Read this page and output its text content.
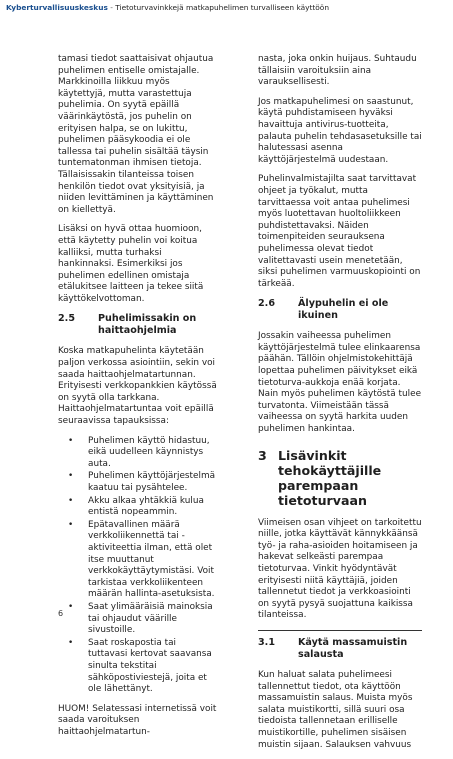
Kyberturvallisuuskeskus - Tietoturvavinkkejä matkapuhelimen turvalliseen käyttöön

tamasi tiedot saattaisivat ohjautua puhelimen entiselle omistajalle. Markkinoilla liikkuu myös käytettyjä, mutta varastettuja puhelimia. On syytä epäillä väärinkäytöstä, jos puhelin on erityisen halpa, se on lukittu, puhelimen pääsykoodia ei ole tallessa tai puhelin sisältää täysin tuntematonman ihmisen tietoja. Tällaisissakin tilanteissa toisen henkilön tiedot ovat yksityisiä, ja niiden levittäminen ja käyttäminen on kiellettyä.

Lisäksi on hyvä ottaa huomioon, että käytetty puhelin voi koitua kalliiksi, mutta turhaksi hankinnaksi. Esimerkiksi jos puhelimen edellinen omistaja etälukitsee laitteen ja tekee siitä käyttökelvottoman.

2.5 Puhelimissakin on haittaohjelmia

Koska matkapuhelinta käytetään paljon verkossa asiointiin, sekin voi saada haittaohjelmatartunnan. Erityisesti verkkopankkien käytössä on syytä olla tarkkana. Haittaohjelmatartuntaa voit epäillä seuraavissa tapauksissa:

• Puhelimen käyttö hidastuu, eikä uudelleen käynnistys auta.
• Puhelimen käyttöjärjestelmä kaatuu tai pysähtelee.
• Akku alkaa yhtäkkiä kulua entistä nopeammin.
• Epätavallinen määrä verkkoliikennettä tai -aktiviteettia ilman, että olet itse muuttanut verkkokäyttäytymistäsi. Voit tarkistaa verkkoliikenteen määrän hallinta-asetuksista.
• Saat ylimääräisiä mainoksia tai ohjaudut väärille sivustoille.
• Saat roskapostia tai tuttavasi kertovat saavansa sinulta tekstitai sähköpostiviestejä, joita et ole lähettänyt.

HUOM! Selatessasi internetissä voit saada varoituksen haittaohjelmatartun-

6

nasta, joka onkin huijaus. Suhtaudu tällaisiin varoituksiin aina varauksellisesti.

Jos matkapuhelimesi on saastunut, käytä puhdistamiseen hyväksi havaittuja antivirus-tuotteita, palauta puhelin tehdasasetuksille tai halutessasi asenna käyttöjärjestelmä uudestaan.

Puhelinvalmistajilta saat tarvittavat ohjeet ja työkalut, mutta tarvittaessa voit antaa puhelimesi myös luotettavan huoltoliikkeen puhdistettavaksi. Näiden toimenpiteiden seurauksena puhelimessa olevat tiedot valitettavasti usein menetetään, siksi puhelimen varmuuskopiointi on tärkeää.

2.6 Älypuhelin ei ole ikuinen

Jossakin vaiheessa puhelimen käyttöjärjestelmä tulee elinkaarensa päähän. Tällöin ohjelmistokehittäjä lopettaa puhelimen päivitykset eikä tietoturva-aukkoja enää korjata. Nain myös puhelimen käytöstä tulee turvatonta. Viimeistään tässä vaiheessa on syytä harkita uuden puhelimen hankintaa.

3 Lisävinkit tehokäyttäjille parempaan tietoturvaan

Viimeisen osan vihjeet on tarkoitettu niille, jotka käyttävät kännykkäänsä työ- ja raha-asioiden hoitamiseen ja hakevat selkeästi parempaa tietoturvaa. Vinkit hyödyntävät erityisesti niitä käyttäjiä, joiden tallennetut tiedot ja verkkoasiointi on syytä pysyä suojattuna kaikissa tilanteissa.

3.1 Käytä massamuistin salausta

Kun haluat salata puhelimeesi tallennettut tiedot, ota käyttöön massamuistin salaus. Muista myös salata muistikortti, sillä suuri osa tiedoista tallennetaan erilliselle muistikortille, puhelimen sisäisen muistin sijaan. Salauksen vahvuus
